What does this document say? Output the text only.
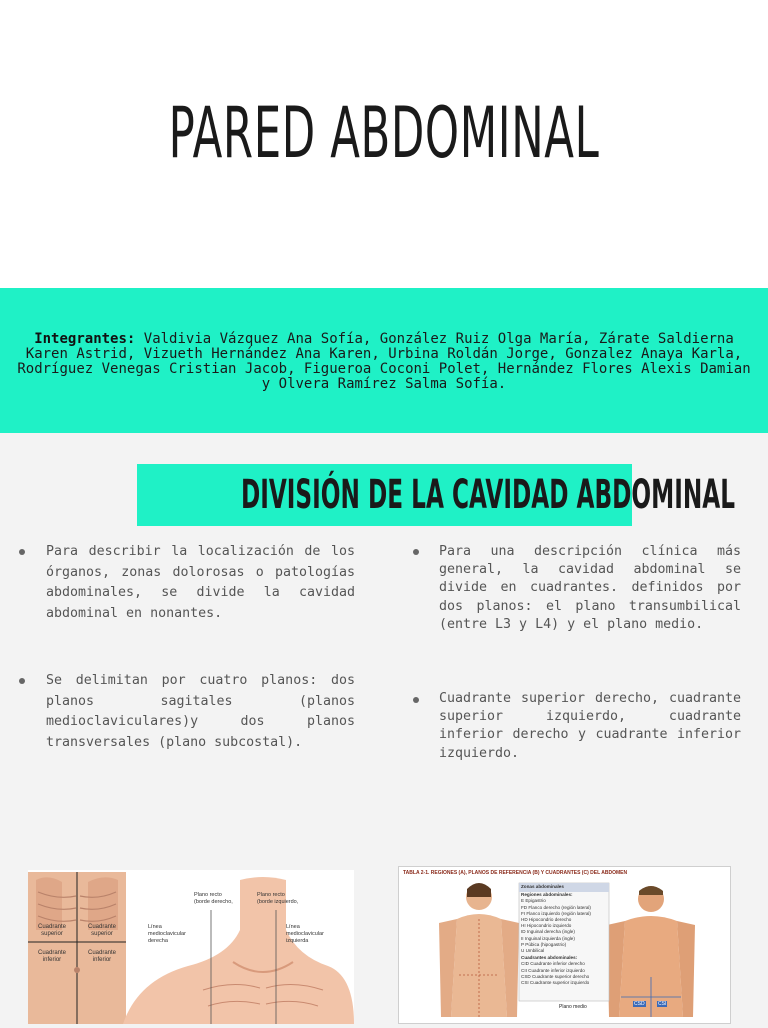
PARED ABDOMINAL

Integrantes: Valdivia Vázquez Ana Sofía, González Ruiz Olga María, Zárate Saldierna Karen Astrid, Vizueth Hernández Ana Karen, Urbina Roldán Jorge, Gonzalez Anaya Karla, Rodríguez Venegas Cristian Jacob, Figueroa Coconi Polet, Hernández Flores Alexis Damian y Olvera Ramírez Salma Sofía.

DIVISIÓN DE LA CAVIDAD ABDOMINAL

Para describir la localización de los órganos, zonas dolorosas o patologías abdominales, se divide la cavidad abdominal en nonantes.

Se delimitan por cuatro planos: dos planos sagitales (planos medioclaviculares)y dos planos transversales (plano subcostal).

Para una descripción clínica más general, la cavidad abdominal se divide en cuadrantes. definidos por dos planos: el plano transumbilical (entre L3 y L4) y el plano medio.

Cuadrante superior derecho, cuadrante superior izquierdo, cuadrante inferior derecho y cuadrante inferior izquierdo.

Cuadrante
superior
Cuadrante
superior
Cuadrante
inferior
Cuadrante
inferior
Plano recto
(borde derecho,
Plano recto
(borde izquierdo,
Línea
medioclavicular
derecha
Línea
medioclavicular
izquierda
TABLA 2-1. REGIONES (A), PLANOS DE REFERENCIA (B) Y CUADRANTES (C) DEL ABDOMEN
Zonas abdominales
Regiones abdominales:
E Epigastrio
FD Flanco derecho (región lateral)
FI Flanco izquierdo (región lateral)
HD Hipocondrio derecho
HI Hipocondrio izquierdo
ID Inguinal derecha (ingle)
II Inguinal izquierda (ingle)
P Púbica (hipogastrio)
U Umbilical
Cuadrantes abdominales:
CID Cuadrante inferior derecho
CII Cuadrante inferior izquierdo
CSD Cuadrante superior derecho
CSI Cuadrante superior izquierdo
Plano medio	CSD	CSI
